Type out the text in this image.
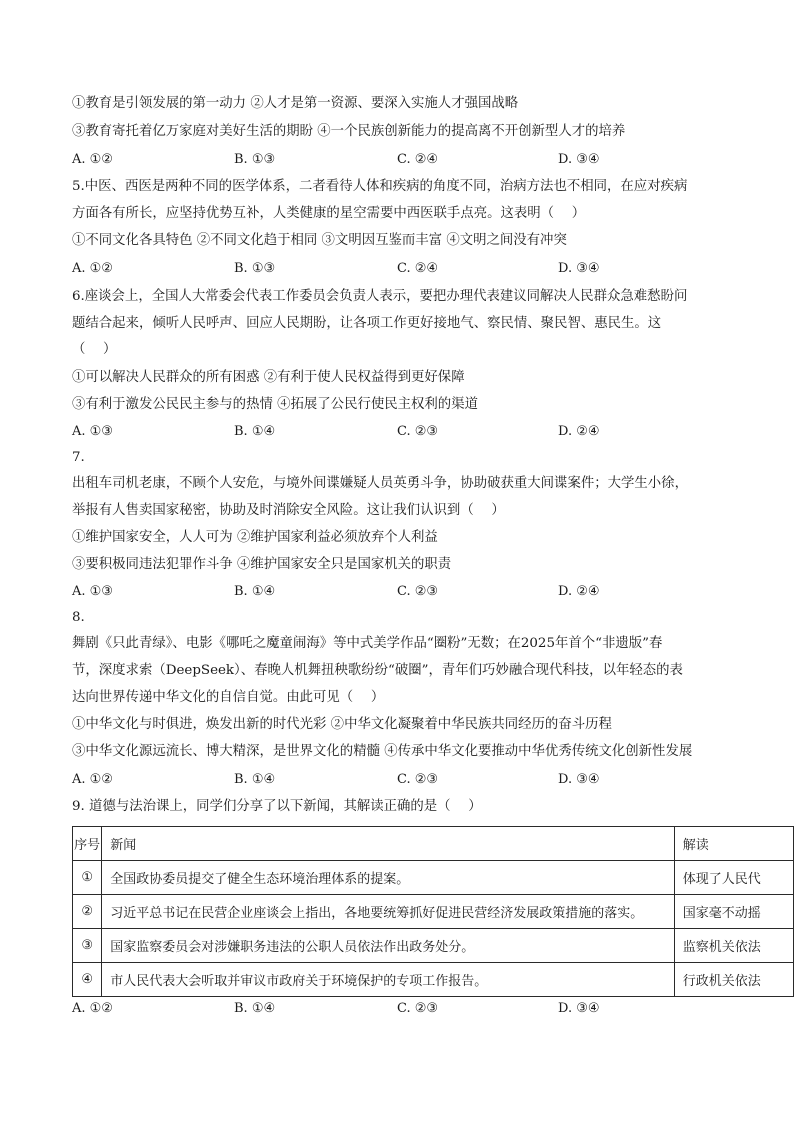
①教育是引领发展的第一动力 ②人才是第一资源、要深入实施人才强国战略
③教育寄托着亿万家庭对美好生活的期盼 ④一个民族创新能力的提高离不开创新型人才的培养
A. ①②	B. ①③	C. ②④	D. ③④
5.中医、西医是两种不同的医学体系，二者看待人体和疾病的角度不同，治病方法也不相同，在应对疾病
方面各有所长，应坚持优势互补，人类健康的星空需要中西医联手点亮。这表明（　 ）
①不同文化各具特色 ②不同文化趋于相同 ③文明因互鉴而丰富 ④文明之间没有冲突
A. ①②	B. ①③	C. ②④	D. ③④
6.座谈会上，全国人大常委会代表工作委员会负责人表示，要把办理代表建议同解决人民群众急难愁盼问
题结合起来，倾听人民呼声、回应人民期盼，让各项工作更好接地气、察民情、聚民智、惠民生。这
（　 ）
①可以解决人民群众的所有困惑 ②有利于使人民权益得到更好保障
③有利于激发公民民主参与的热情 ④拓展了公民行使民主权利的渠道
A. ①③	B. ①④	C. ②③	D. ②④
7.
出租车司机老康，不顾个人安危，与境外间谍嫌疑人员英勇斗争，协助破获重大间谍案件；大学生小徐，
举报有人售卖国家秘密，协助及时消除安全风险。这让我们认识到（　 ）
①维护国家安全，人人可为 ②维护国家利益必须放弃个人利益
③要积极同违法犯罪作斗争 ④维护国家安全只是国家机关的职责
A. ①③	B. ①④	C. ②③	D. ②④
8.
舞剧《只此青绿》、电影《哪吒之魔童闹海》等中式美学作品“圈粉”无数；在2025年首个“非遗版”春
节，深度求索（DeepSeek）、春晚人机舞扭秧歌纷纷“破圈”，青年们巧妙融合现代科技，以年轻态的表
达向世界传递中华文化的自信自觉。由此可见（　 ）
①中华文化与时俱进，焕发出新的时代光彩 ②中华文化凝聚着中华民族共同经历的奋斗历程
③中华文化源远流长、博大精深，是世界文化的精髓 ④传承中华文化要推动中华优秀传统文化创新性发展
A. ①②	B. ①④	C. ②③	D. ③④
9. 道德与法治课上，同学们分享了以下新闻，其解读正确的是（　 ）
序号	新闻	解读
①	全国政协委员提交了健全生态环境治理体系的提案。	体现了人民代
②	习近平总书记在民营企业座谈会上指出，各地要统筹抓好促进民营经济发展政策措施的落实。	国家毫不动摇
③	国家监察委员会对涉嫌职务违法的公职人员依法作出政务处分。	监察机关依法
④	市人民代表大会听取并审议市政府关于环境保护的专项工作报告。	行政机关依法
A. ①②	B. ①④	C. ②③	D. ③④
